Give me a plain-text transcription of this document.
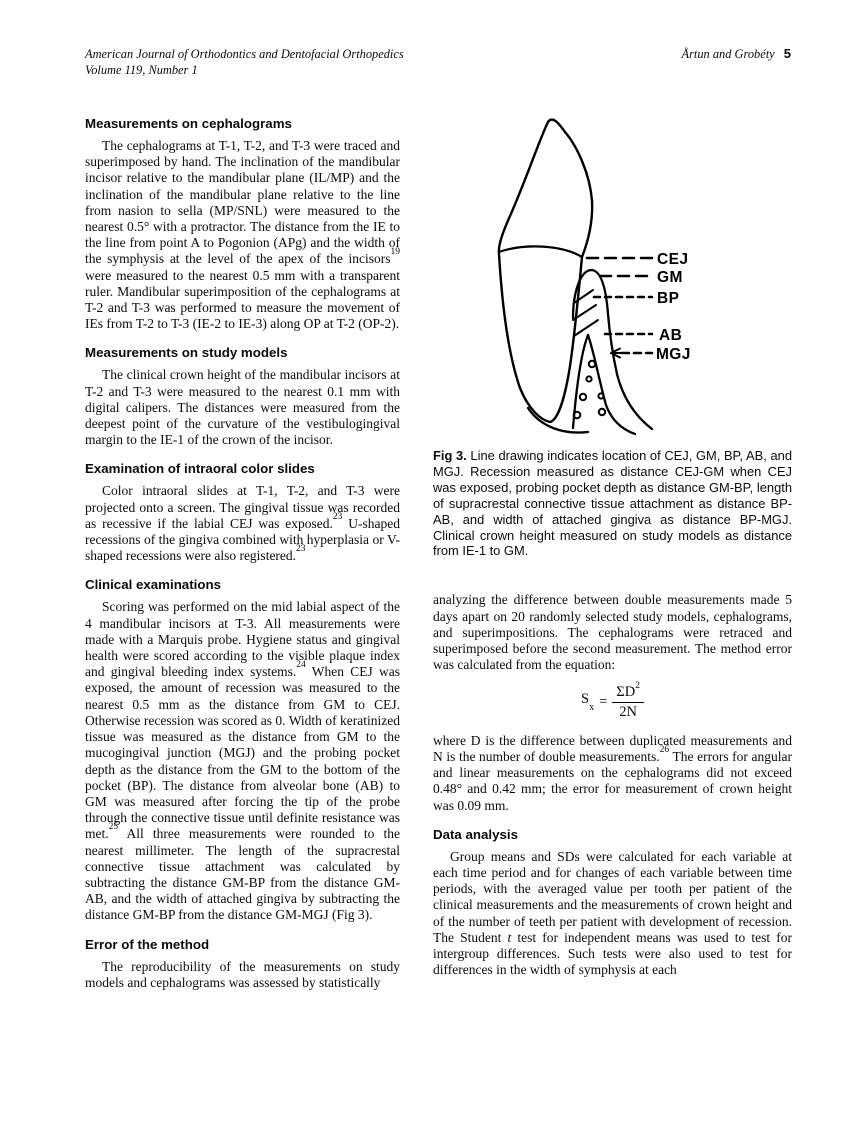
American Journal of Orthodontics and Dentofacial Orthopedics
Volume 119, Number 1
Årtun and Grobéty 5
Measurements on cephalograms

The cephalograms at T-1, T-2, and T-3 were traced and superimposed by hand. The inclination of the mandibular incisor relative to the mandibular plane (IL/MP) and the inclination of the mandibular plane relative to the line from nasion to sella (MP/SNL) were measured to the nearest 0.5° with a protractor. The distance from the IE to the line from point A to Pogonion (APg) and the width of the symphysis at the level of the apex of the incisors$^{19}$ were measured to the nearest 0.5 mm with a transparent ruler. Mandibular superimposition of the cephalograms at T-2 and T-3 was performed to measure the movement of IEs from T-2 to T-3 (IE-2 to IE-3) along OP at T-2 (OP-2).

Measurements on study models

The clinical crown height of the mandibular incisors at T-2 and T-3 were measured to the nearest 0.1 mm with digital calipers. The distances were measured from the deepest point of the curvature of the vestibulogingival margin to the IE-1 of the crown of the incisor.

Examination of intraoral color slides

Color intraoral slides at T-1, T-2, and T-3 were projected onto a screen. The gingival tissue was recorded as recessive if the labial CEJ was exposed.$^{23}$ U-shaped recessions of the gingiva combined with hyperplasia or V-shaped recessions were also registered.$^{23}$

Clinical examinations

Scoring was performed on the mid labial aspect of the 4 mandibular incisors at T-3. All measurements were made with a Marquis probe. Hygiene status and gingival health were scored according to the visible plaque index and gingival bleeding index systems.$^{24}$ When CEJ was exposed, the amount of recession was measured to the nearest 0.5 mm as the distance from GM to CEJ. Otherwise recession was scored as 0. Width of keratinized tissue was measured as the distance from GM to the mucogingival junction (MGJ) and the probing pocket depth as the distance from the GM to the bottom of the pocket (BP). The distance from alveolar bone (AB) to GM was measured after forcing the tip of the probe through the connective tissue until definite resistance was met.$^{25}$ All three measurements were rounded to the nearest millimeter. The length of the supracrestal connective tissue attachment was calculated by subtracting the distance GM-BP from the distance GM-AB, and the width of attached gingiva by subtracting the distance GM-BP from the distance GM-MGJ (Fig 3).

Error of the method

The reproducibility of the measurements on study models and cephalograms was assessed by statistically

CEJ
GM
BP
AB
MGJ

Fig 3. Line drawing indicates location of CEJ, GM, BP, AB, and MGJ. Recession measured as distance CEJ-GM when CEJ was exposed, probing pocket depth as distance GM-BP, length of supracrestal connective tissue attachment as distance BP-AB, and width of attached gingiva as distance BP-MGJ. Clinical crown height measured on study models as distance from IE-1 to GM.

analyzing the difference between double measurements made 5 days apart on 20 randomly selected study models, cephalograms, and superimpositions. The cephalograms were retraced and superimposed before the second measurement. The method error was calculated from the equation:

$S_x = \frac{\Sigma D^2}{2N}$

where D is the difference between duplicated measurements and N is the number of double measurements.$^{26}$ The errors for angular and linear measurements on the cephalograms did not exceed 0.48° and 0.42 mm; the error for measurement of crown height was 0.09 mm.

Data analysis

Group means and SDs were calculated for each variable at each time period and for changes of each variable between time periods, with the averaged value per tooth per patient of the clinical measurements and the measurements of crown height and of the number of teeth per patient with development of recession. The Student t test for independent means was used to test for intergroup differences. Such tests were also used to test for differences in the width of symphysis at each
